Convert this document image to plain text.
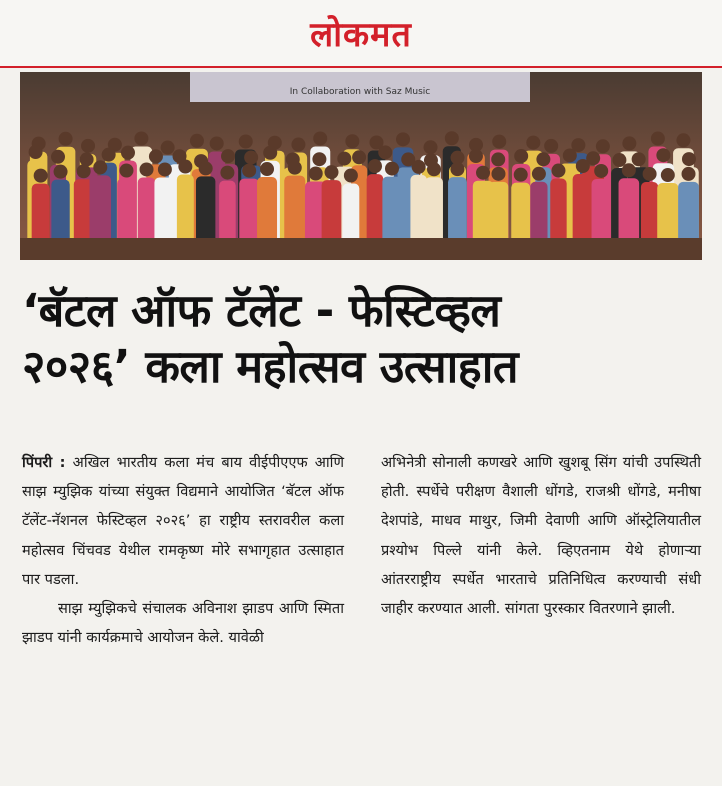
लोकमत
In Collaboration with Saz Music
‘बॅटल ऑफ टॅलेंट - फेस्टिव्हल
२०२६’ कला महोत्सव उत्साहात

पिंपरी : अखिल भारतीय कला मंच बाय वीईपीएएफ आणि साझ म्युझिक यांच्या संयुक्त विद्यमाने आयोजित ‘बॅटल ऑफ टॅलेंट-नॅशनल फेस्टिव्हल २०२६’ हा राष्ट्रीय स्तरावरील कला महोत्सव चिंचवड येथील रामकृष्ण मोरे सभागृहात उत्साहात पार पडला.

साझ म्युझिकचे संचालक अविनाश झाडप आणि स्मिता झाडप यांनी कार्यक्रमाचे आयोजन केले. यावेळी

अभिनेत्री सोनाली कणखरे आणि खुशबू सिंग यांची उपस्थिती होती. स्पर्धेचे परीक्षण वैशाली धोंगडे, राजश्री धोंगडे, मनीषा देशपांडे, माधव माथुर, जिमी देवाणी आणि ऑस्ट्रेलियातील प्रश्योभ पिल्ले यांनी केले. व्हिएतनाम येथे होणाऱ्या आंतरराष्ट्रीय स्पर्धेत भारताचे प्रतिनिधित्व करण्याची संधी जाहीर करण्यात आली. सांगता पुरस्कार वितरणाने झाली.
